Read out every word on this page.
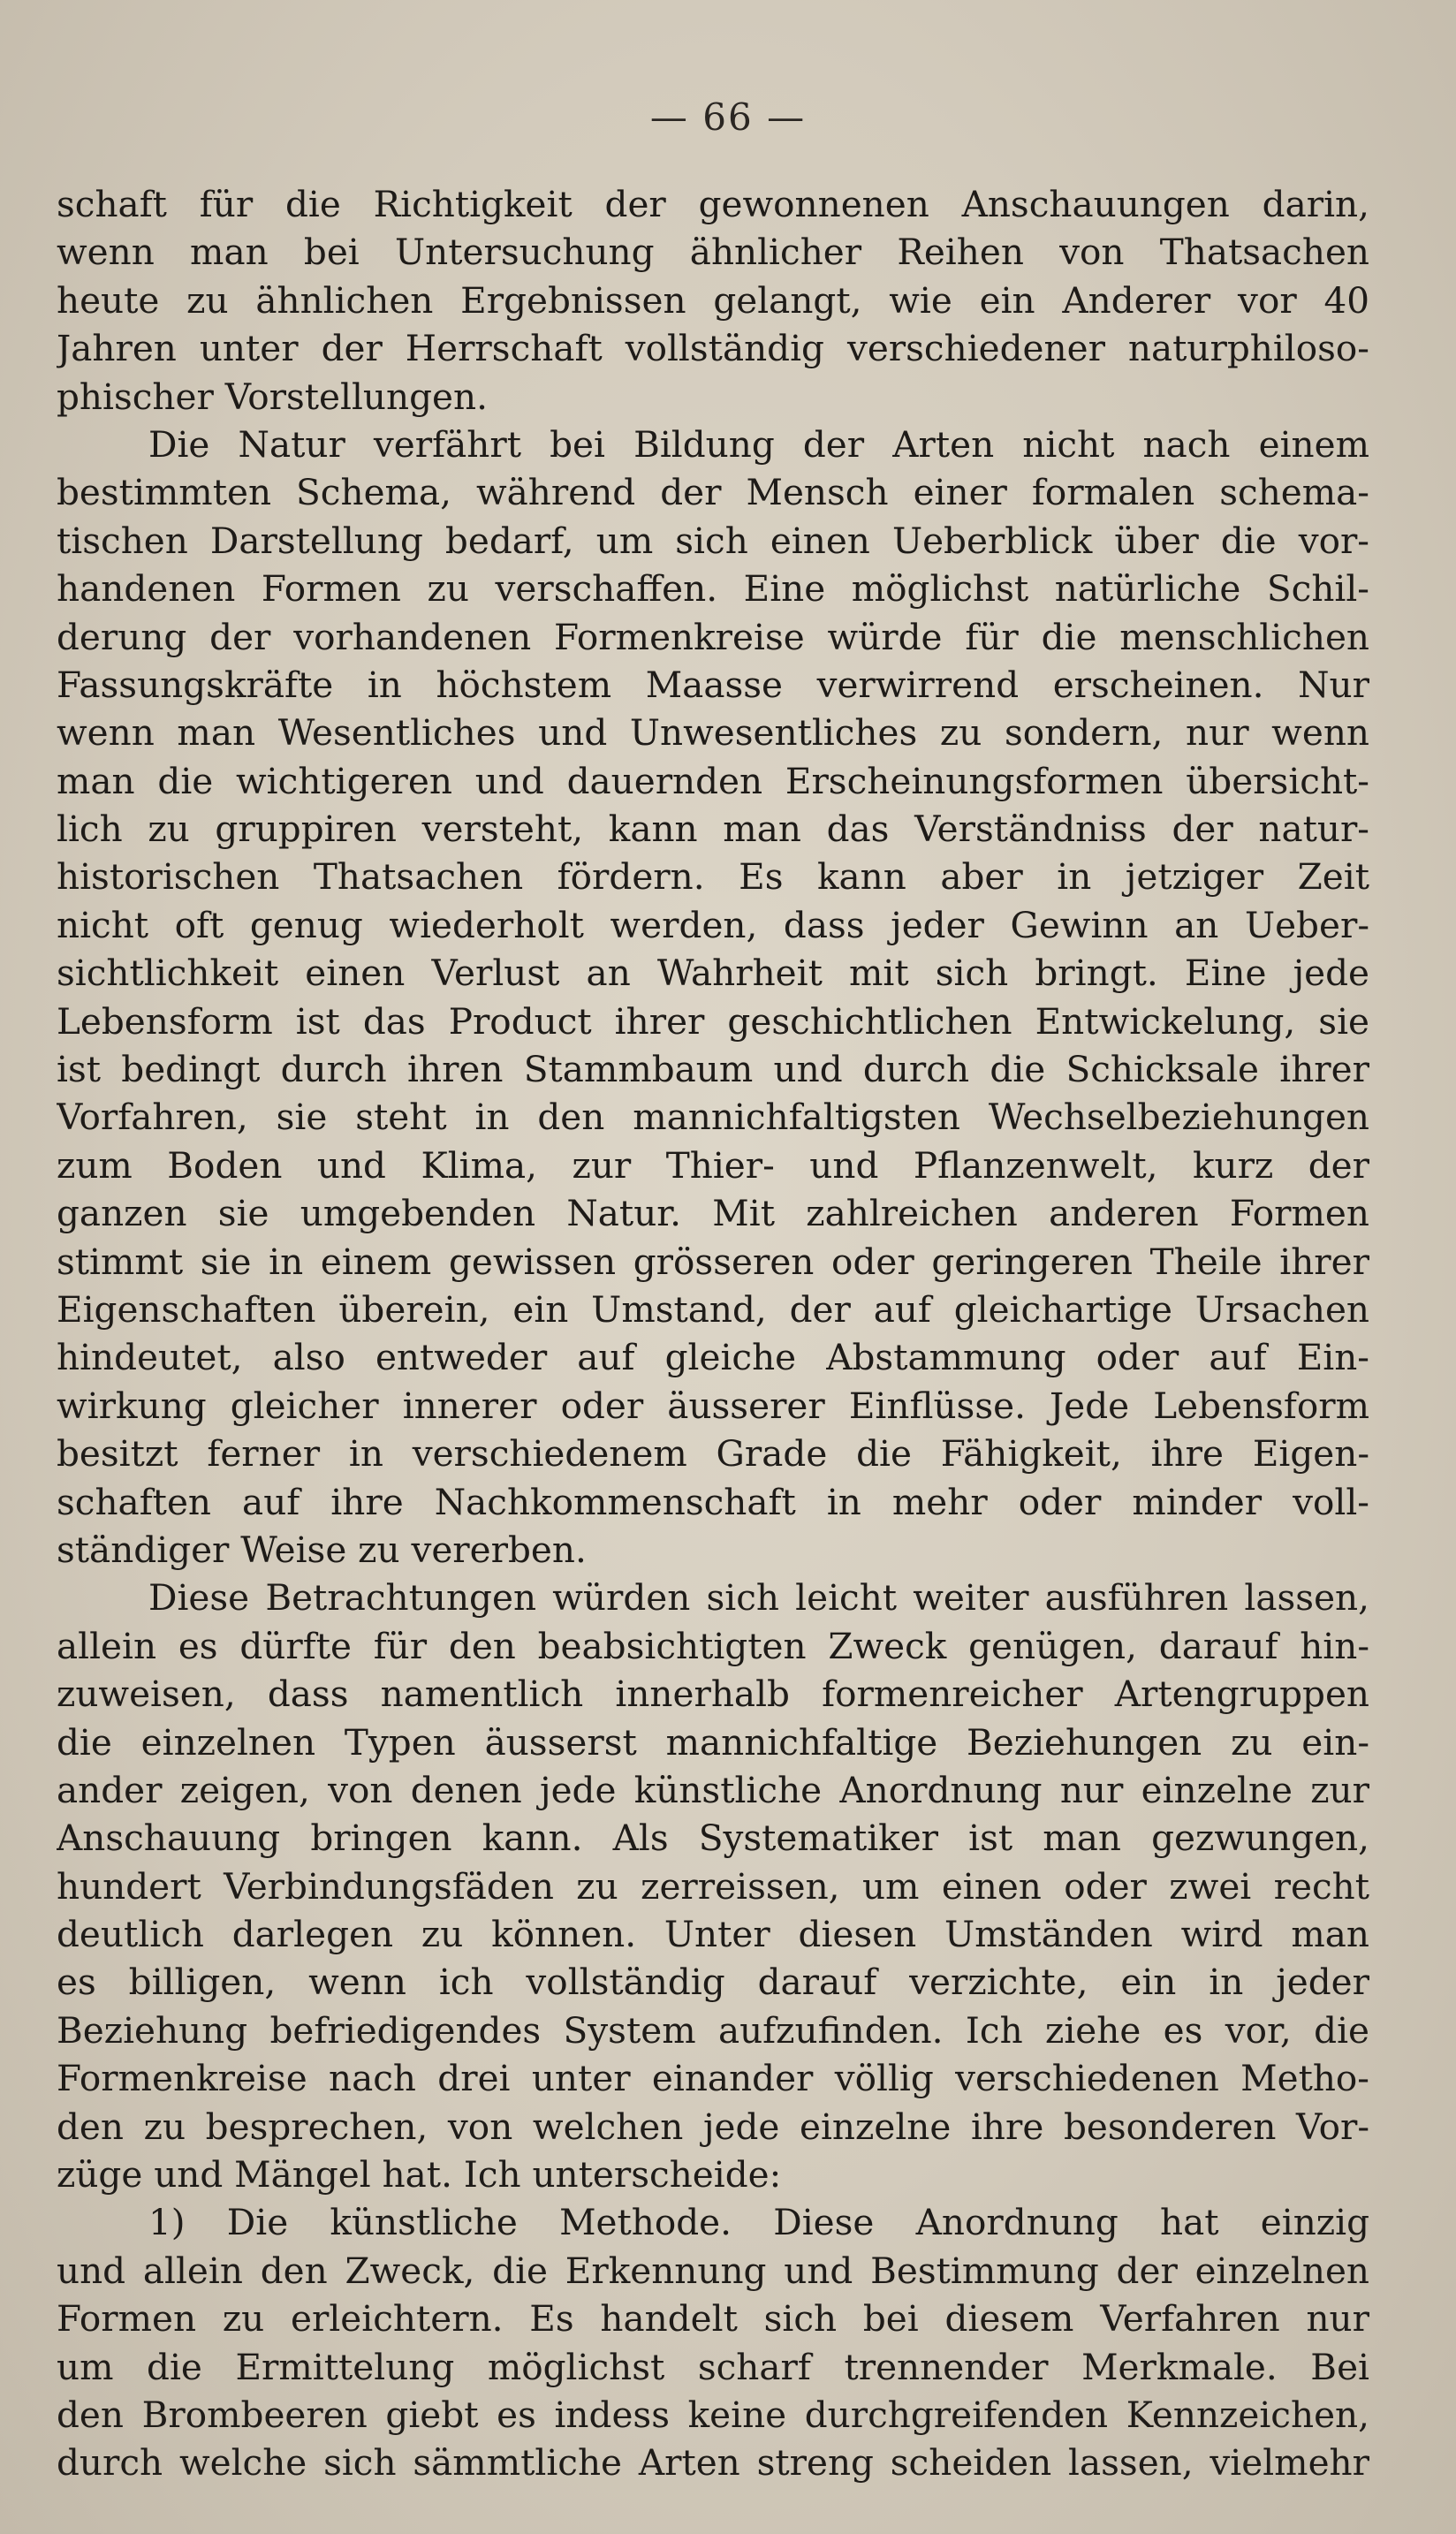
— 66 —
schaft für die Richtigkeit der gewonnenen Anschauungen darin,
wenn man bei Untersuchung ähnlicher Reihen von Thatsachen
heute zu ähnlichen Ergebnissen gelangt, wie ein Anderer vor 40
Jahren unter der Herrschaft vollständig verschiedener naturphiloso-
phischer Vorstellungen.
Die Natur verfährt bei Bildung der Arten nicht nach einem
bestimmten Schema, während der Mensch einer formalen schema-
tischen Darstellung bedarf, um sich einen Ueberblick über die vor-
handenen Formen zu verschaffen. Eine möglichst natürliche Schil-
derung der vorhandenen Formenkreise würde für die menschlichen
Fassungskräfte in höchstem Maasse verwirrend erscheinen. Nur
wenn man Wesentliches und Unwesentliches zu sondern, nur wenn
man die wichtigeren und dauernden Erscheinungsformen übersicht-
lich zu gruppiren versteht, kann man das Verständniss der natur-
historischen Thatsachen fördern. Es kann aber in jetziger Zeit
nicht oft genug wiederholt werden, dass jeder Gewinn an Ueber-
sichtlichkeit einen Verlust an Wahrheit mit sich bringt. Eine jede
Lebensform ist das Product ihrer geschichtlichen Entwickelung, sie
ist bedingt durch ihren Stammbaum und durch die Schicksale ihrer
Vorfahren, sie steht in den mannichfaltigsten Wechselbeziehungen
zum Boden und Klima, zur Thier- und Pflanzenwelt, kurz der
ganzen sie umgebenden Natur. Mit zahlreichen anderen Formen
stimmt sie in einem gewissen grösseren oder geringeren Theile ihrer
Eigenschaften überein, ein Umstand, der auf gleichartige Ursachen
hindeutet, also entweder auf gleiche Abstammung oder auf Ein-
wirkung gleicher innerer oder äusserer Einflüsse. Jede Lebensform
besitzt ferner in verschiedenem Grade die Fähigkeit, ihre Eigen-
schaften auf ihre Nachkommenschaft in mehr oder minder voll-
ständiger Weise zu vererben.
Diese Betrachtungen würden sich leicht weiter ausführen lassen,
allein es dürfte für den beabsichtigten Zweck genügen, darauf hin-
zuweisen, dass namentlich innerhalb formenreicher Artengruppen
die einzelnen Typen äusserst mannichfaltige Beziehungen zu ein-
ander zeigen, von denen jede künstliche Anordnung nur einzelne zur
Anschauung bringen kann. Als Systematiker ist man gezwungen,
hundert Verbindungsfäden zu zerreissen, um einen oder zwei recht
deutlich darlegen zu können. Unter diesen Umständen wird man
es billigen, wenn ich vollständig darauf verzichte, ein in jeder
Beziehung befriedigendes System aufzufinden. Ich ziehe es vor, die
Formenkreise nach drei unter einander völlig verschiedenen Metho-
den zu besprechen, von welchen jede einzelne ihre besonderen Vor-
züge und Mängel hat. Ich unterscheide:
1) Die künstliche Methode. Diese Anordnung hat einzig
und allein den Zweck, die Erkennung und Bestimmung der einzelnen
Formen zu erleichtern. Es handelt sich bei diesem Verfahren nur
um die Ermittelung möglichst scharf trennender Merkmale. Bei
den Brombeeren giebt es indess keine durchgreifenden Kennzeichen,
durch welche sich sämmtliche Arten streng scheiden lassen, vielmehr
